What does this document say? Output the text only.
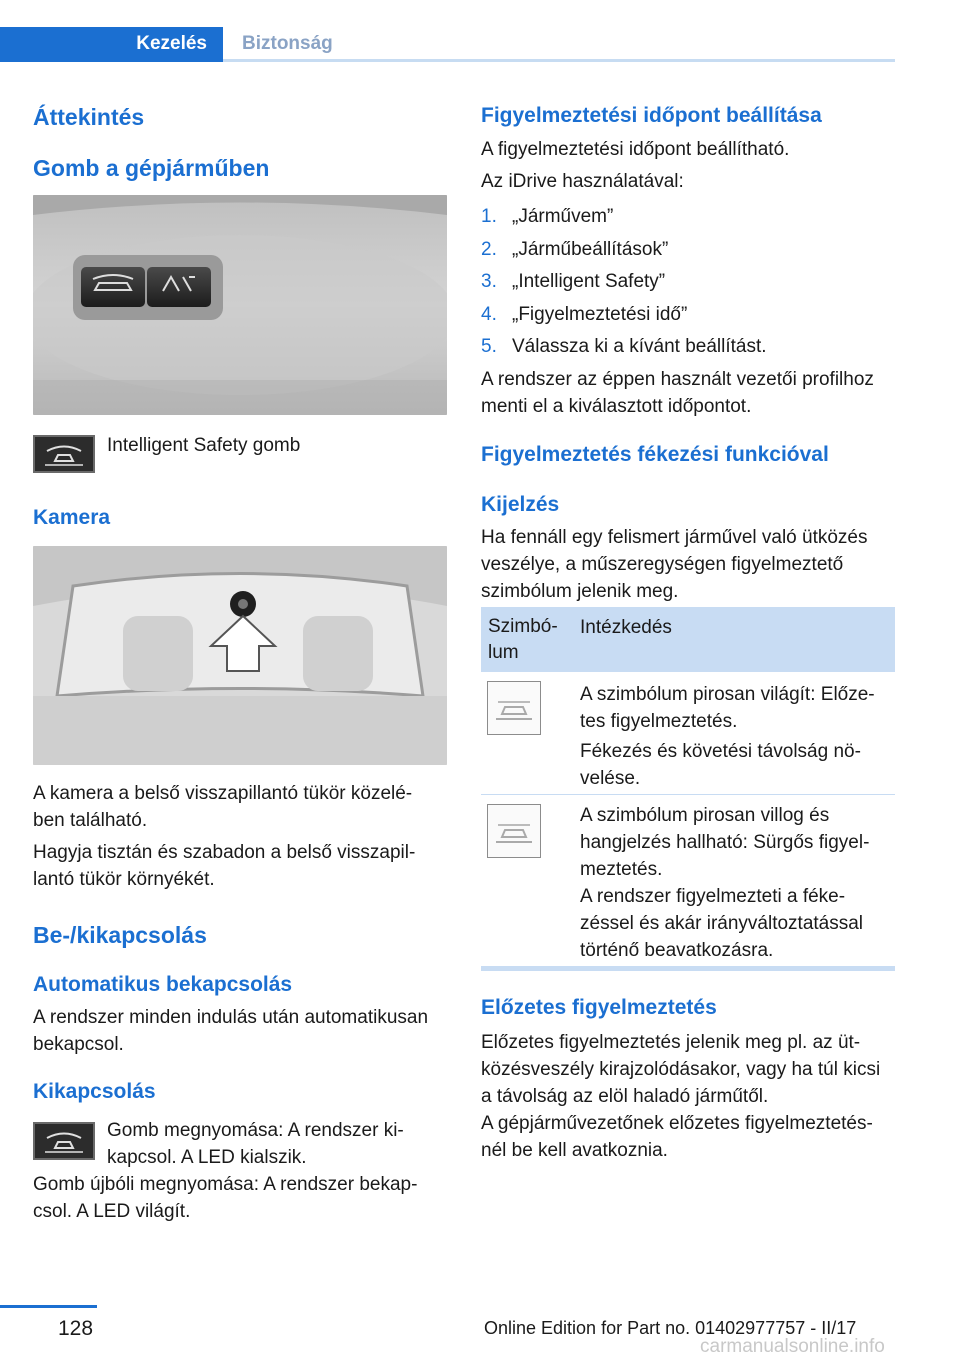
Kezelés Biztonság
Áttekintés
Gomb a gépjárműben
Intelligent Safety gomb
Kamera
A kamera a belső visszapillantó tükör közelé-
ben található.
Hagyja tisztán és szabadon a belső visszapil-
lantó tükör környékét.
Be-/kikapcsolás
Automatikus bekapcsolás
A rendszer minden indulás után automatikusan
bekapcsol.
Kikapcsolás
Gomb megnyomása: A rendszer ki-
kapcsol. A LED kialszik.
Gomb újbóli megnyomása: A rendszer bekap-
csol. A LED világít.
Figyelmeztetési időpont beállítása
A figyelmeztetési időpont beállítható.
Az iDrive használatával:
1. „Járművem”
2. „Járműbeállítások”
3. „Intelligent Safety”
4. „Figyelmeztetési idő”
5. Válassza ki a kívánt beállítást.
A rendszer az éppen használt vezetői profilhoz
menti el a kiválasztott időpontot.
Figyelmeztetés fékezési funkcióval
Kijelzés
Ha fennáll egy felismert járművel való ütközés
veszélye, a műszeregységen figyelmeztető
szimbólum jelenik meg.
Szimbó-
lum
Intézkedés
A szimbólum pirosan világít: Előze-
tes figyelmeztetés.
Fékezés és követési távolság nö-
velése.
A szimbólum pirosan villog és
hangjelzés hallható: Sürgős figyel-
meztetés.
A rendszer figyelmezteti a féke-
zéssel és akár irányváltoztatással
történő beavatkozásra.
Előzetes figyelmeztetés
Előzetes figyelmeztetés jelenik meg pl. az üt-
közésveszély kirajzolódásakor, vagy ha túl kicsi
a távolság az elöl haladó járműtől.
A gépjárművezetőnek előzetes figyelmeztetés-
nél be kell avatkoznia.
128	Online Edition for Part no. 01402977757 - II/17
carmanualsonline.info
